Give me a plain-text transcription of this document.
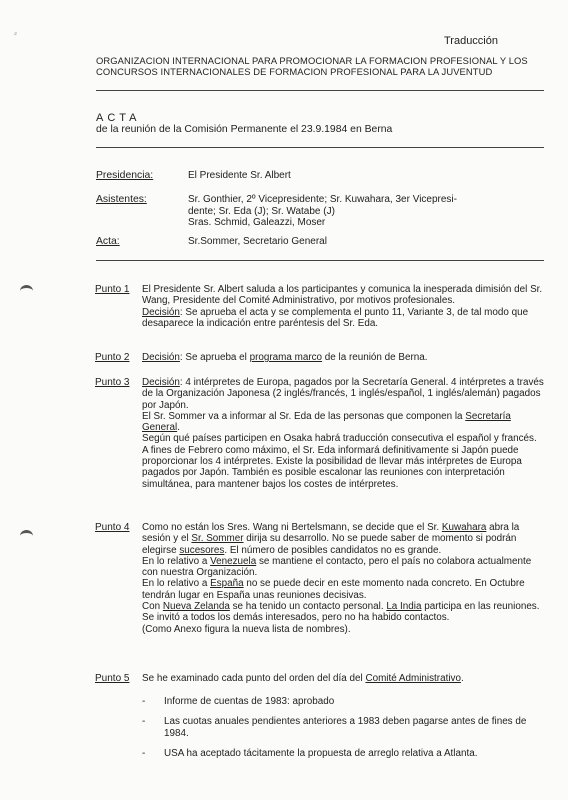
⸗
Traducción
ORGANIZACION INTERNACIONAL PARA PROMOCIONAR LA FORMACION PROFESIONAL Y LOS CONCURSOS INTERNACIONALES DE FORMACION PROFESIONAL PARA LA JUVENTUD
ACTA
de la reunión de la Comisión Permanente el 23.9.1984 en Berna
Presidencia:	El Presidente Sr. Albert
Asistentes:	Sr. Gonthier, 2º Vicepresidente; Sr. Kuwahara, 3er Vicepresi-
dente; Sr. Eda (J); Sr. Watabe (J)
Sras. Schmid, Galeazzi, Moser
Acta:	Sr.Sommer, Secretario General
Punto 1 El Presidente Sr. Albert saluda a los participantes y comunica la inesperada dimisión del Sr. Wang, Presidente del Comité Administrativo, por motivos profesionales.

Decisión: Se aprueba el acta y se complementa el punto 11, Variante 3, de tal modo que desaparece la indicación entre paréntesis del Sr. Eda.

Punto 2 Decisión: Se aprueba el programa marco de la reunión de Berna.

Punto 3 Decisión: 4 intérpretes de Europa, pagados por la Secretaría General. 4 intérpretes a través de la Organización Japonesa (2 inglés/francés, 1 inglés/español, 1 inglés/alemán) pagados por Japón.

El Sr. Sommer va a informar al Sr. Eda de las personas que componen la Secretaría General.

Según qué países participen en Osaka habrá traducción consecutiva el español y francés.

A fines de Febrero como máximo, el Sr. Eda informará definitivamente si Japón puede proporcionar los 4 intérpretes. Existe la posibilidad de llevar más intérpretes de Europa pagados por Japón. También es posible escalonar las reuniones con interpretación simultánea, para mantener bajos los costes de intérpretes.

Punto 4 Como no están los Sres. Wang ni Bertelsmann, se decide que el Sr. Kuwahara abra la sesión y el Sr. Sommer dirija su desarrollo. No se puede saber de momento si podrán elegirse sucesores. El número de posibles candidatos no es grande.

En lo relativo a Venezuela se mantiene el contacto, pero el país no colabora actualmente con nuestra Organización.

En lo relativo a España no se puede decir en este momento nada concreto. En Octubre tendrán lugar en España unas reuniones decisivas.

Con Nueva Zelanda se ha tenido un contacto personal. La India participa en las reuniones. Se invitó a todos los demás interesados, pero no ha habido contactos.

(Como Anexo figura la nueva lista de nombres).

Punto 5 Se he examinado cada punto del orden del día del Comité Administrativo.

-	Informe de cuentas de 1983: aprobado
-	Las cuotas anuales pendientes anteriores a 1983 deben pagarse antes de fines de 1984.
-	USA ha aceptado tácitamente la propuesta de arreglo relativa a Atlanta.
